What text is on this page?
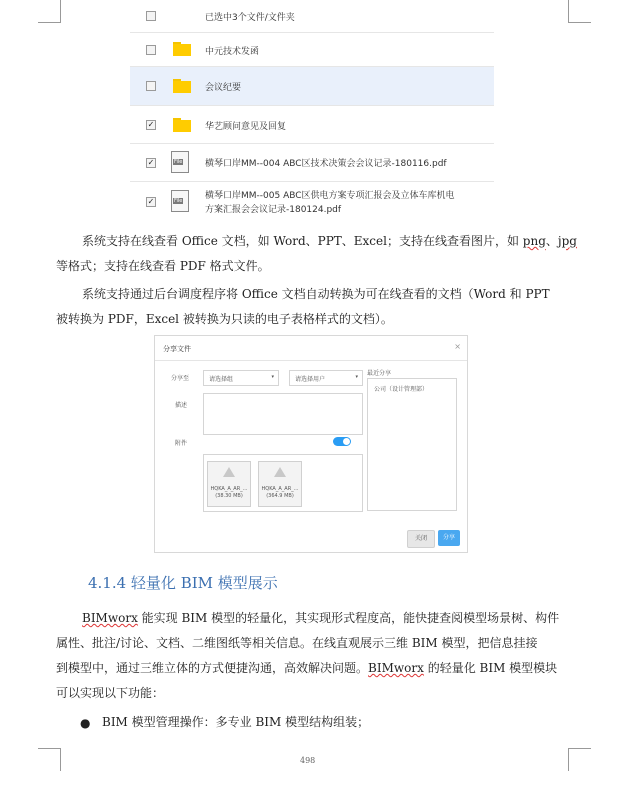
已选中3个文件/文件夹
中元技术发函
会议纪要
✓	华艺顾问意见及回复
✓	File	横琴口岸MM--004 ABC区技术决策会会议记录-180116.pdf
✓	File	横琴口岸MM--005 ABC区供电方案专项汇报会及立体车库机电
方案汇报会会议记录-180124.pdf
系统支持在线查看 Office 文档，如 Word、PPT、Excel；支持在线查看图片，如 png、jpg
等格式；支持在线查看 PDF 格式文件。
系统支持通过后台调度程序将 Office 文档自动转换为可在线查看的文档（Word 和 PPT
被转换为 PDF，Excel 被转换为只读的电子表格样式的文档）。
分享文件	×
分享至	请选择组	▾	请选择用户	▾
描述
附件
HQKA_A_AR_...
(38.30 MB)
HQKA_A_AR_...
(364.9 MB)
最近分享
公司（设计管理部）
关闭	分享
4.1.4 轻量化 BIM 模型展示
BIMworx 能实现 BIM 模型的轻量化，其实现形式程度高，能快捷查阅模型场景树、构件
属性、批注/讨论、文档、二维图纸等相关信息。在线直观展示三维 BIM 模型，把信息挂接
到模型中，通过三维立体的方式便捷沟通，高效解决问题。BIMworx 的轻量化 BIM 模型模块
可以实现以下功能：
● BIM 模型管理操作：多专业 BIM 模型结构组装；
498
